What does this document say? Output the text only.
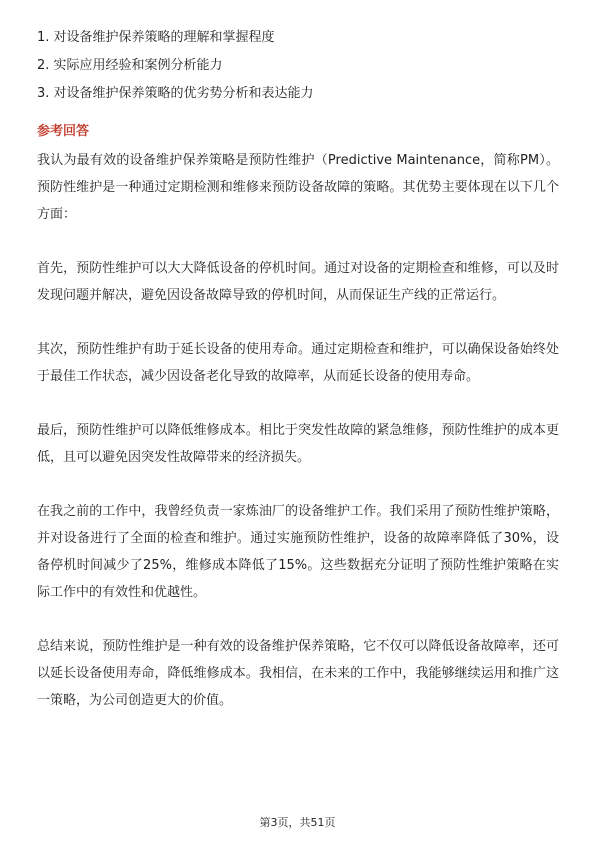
1. 对设备维护保养策略的理解和掌握程度
2. 实际应用经验和案例分析能力
3. 对设备维护保养策略的优劣势分析和表达能力
参考回答

我认为最有效的设备维护保养策略是预防性维护（Predictive Maintenance，简称PM）。预防性维护是一种通过定期检测和维修来预防设备故障的策略。其优势主要体现在以下几个方面：

首先，预防性维护可以大大降低设备的停机时间。通过对设备的定期检查和维修，可以及时发现问题并解决，避免因设备故障导致的停机时间，从而保证生产线的正常运行。

其次，预防性维护有助于延长设备的使用寿命。通过定期检查和维护，可以确保设备始终处于最佳工作状态，减少因设备老化导致的故障率，从而延长设备的使用寿命。

最后，预防性维护可以降低维修成本。相比于突发性故障的紧急维修，预防性维护的成本更低，且可以避免因突发性故障带来的经济损失。

在我之前的工作中，我曾经负责一家炼油厂的设备维护工作。我们采用了预防性维护策略，并对设备进行了全面的检查和维护。通过实施预防性维护，设备的故障率降低了30%，设备停机时间减少了25%，维修成本降低了15%。这些数据充分证明了预防性维护策略在实际工作中的有效性和优越性。

总结来说，预防性维护是一种有效的设备维护保养策略，它不仅可以降低设备故障率，还可以延长设备使用寿命，降低维修成本。我相信，在未来的工作中，我能够继续运用和推广这一策略，为公司创造更大的价值。

第3页，共51页
